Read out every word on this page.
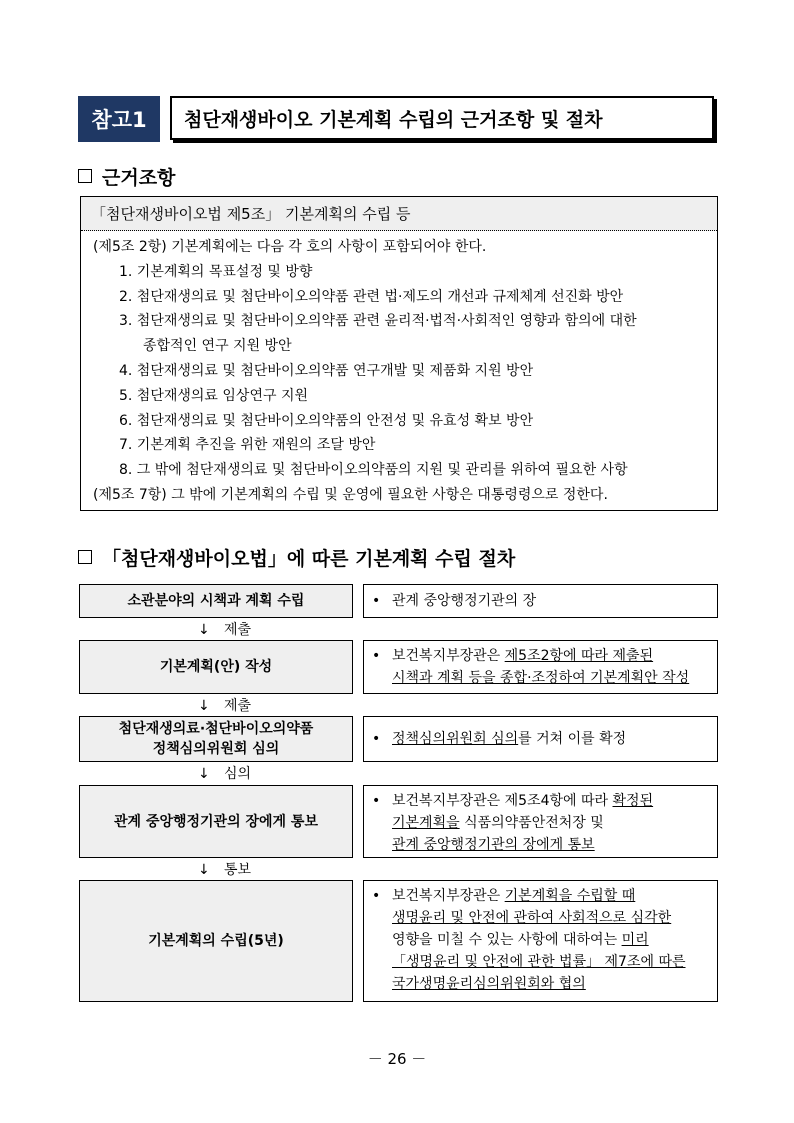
참고1	첨단재생바이오 기본계획 수립의 근거조항 및 절차
근거조항
「첨단재생바이오법 제5조」 기본계획의 수립 등
(제5조 2항) 기본계획에는 다음 각 호의 사항이 포함되어야 한다.
1. 기본계획의 목표설정 및 방향
2. 첨단재생의료 및 첨단바이오의약품 관련 법·제도의 개선과 규제체계 선진화 방안
3. 첨단재생의료 및 첨단바이오의약품 관련 윤리적·법적·사회적인 영향과 함의에 대한
종합적인 연구 지원 방안
4. 첨단재생의료 및 첨단바이오의약품 연구개발 및 제품화 지원 방안
5. 첨단재생의료 임상연구 지원
6. 첨단재생의료 및 첨단바이오의약품의 안전성 및 유효성 확보 방안
7. 기본계획 추진을 위한 재원의 조달 방안
8. 그 밖에 첨단재생의료 및 첨단바이오의약품의 지원 및 관리를 위하여 필요한 사항
(제5조 7항) 그 밖에 기본계획의 수립 및 운영에 필요한 사항은 대통령령으로 정한다.
「첨단재생바이오법」에 따른 기본계획 수립 절차
소관분야의 시책과 계획 수립	• 관계 중앙행정기관의 장
↓ 제출
기본계획(안) 작성
• 보건복지부장관은 제5조2항에 따라 제출된
시책과 계획 등을 종합·조정하여 기본계획안 작성
↓ 제출
첨단재생의료·첨단바이오의약품
정책심의위원회 심의
• 정책심의위원회 심의를 거쳐 이를 확정
↓ 심의
관계 중앙행정기관의 장에게 통보
• 보건복지부장관은 제5조4항에 따라 확정된
기본계획을 식품의약품안전처장 및
관계 중앙행정기관의 장에게 통보
↓ 통보
기본계획의 수립(5년)
• 보건복지부장관은 기본계획을 수립할 때
생명윤리 및 안전에 관하여 사회적으로 심각한
영향을 미칠 수 있는 사항에 대하여는 미리
「생명윤리 및 안전에 관한 법률」 제7조에 따른
국가생명윤리심의위원회와 협의
－ 26 －
